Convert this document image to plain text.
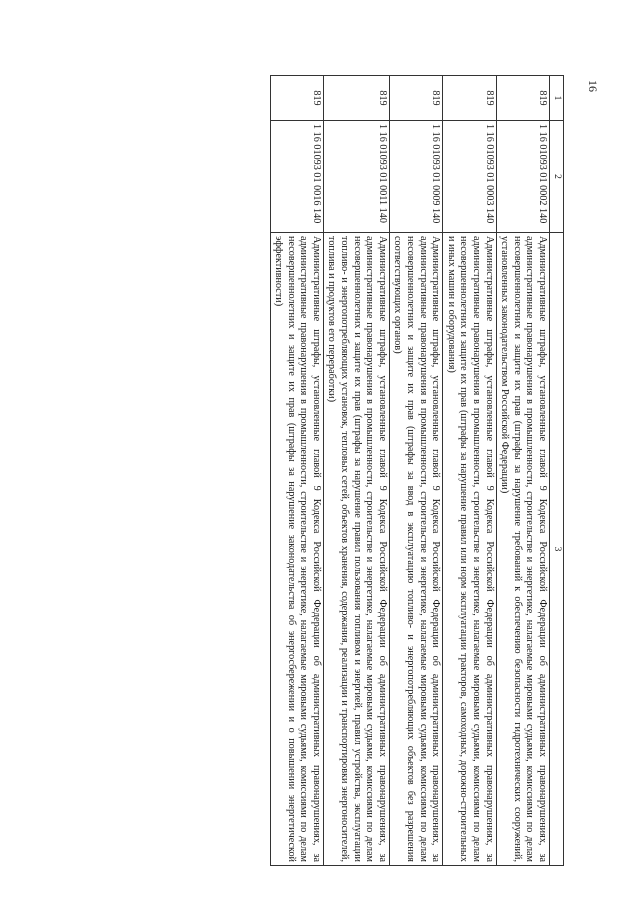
16
1	2	3
819	1 16 01093 01 0002 140	Административные штрафы, установленные главой 9 Кодекса Российской Федерации об административных правонарушениях, за административные правонарушения в промышленности, строительстве и энергетике, налагаемые мировыми судьями, комиссиями по делам несовершеннолетних и защите их прав (штрафы за нарушение требований к обеспечению безопасности гидротехнических сооружений, установленных законодательством Российской Федерации)
819	1 16 01093 01 0003 140	Административные штрафы, установленные главой 9 Кодекса Российской Федерации об административных правонарушениях, за административные правонарушения в промышленности, строительстве и энергетике, налагаемые мировыми судьями, комиссиями по делам несовершеннолетних и защите их прав (штрафы за нарушение правил или норм эксплуатации тракторов, самоходных, дорожно-строительных и иных машин и оборудования)
819	1 16 01093 01 0009 140	Административные штрафы, установленные главой 9 Кодекса Российской Федерации об административных правонарушениях, за административные правонарушения в промышленности, строительстве и энергетике, налагаемые мировыми судьями, комиссиями по делам несовершеннолетних и защите их прав (штрафы за ввод в эксплуатацию топливо- и энергопотребляющих объектов без разрешения соответствующих органов)
819	1 16 01093 01 0011 140	Административные штрафы, установленные главой 9 Кодекса Российской Федерации об административных правонарушениях, за административные правонарушения в промышленности, строительстве и энергетике, налагаемые мировыми судьями, комиссиями по делам несовершеннолетних и защите их прав (штрафы за нарушение правил пользования топливом и энергией, правил устройства, эксплуатации топливо- и энергопотребляющих установок, тепловых сетей, объектов хранения, содержания, реализации и транспортировки энергоносителей, топлива и продуктов его переработки)
819	1 16 01093 01 0016 140	Административные штрафы, установленные главой 9 Кодекса Российской Федерации об административных правонарушениях, за административные правонарушения в промышленности, строительстве и энергетике, налагаемые мировыми судьями, комиссиями по делам несовершеннолетних и защите их прав (штрафы за нарушение законодательства об энергосбережении и о повышении энергетической эффективности)
